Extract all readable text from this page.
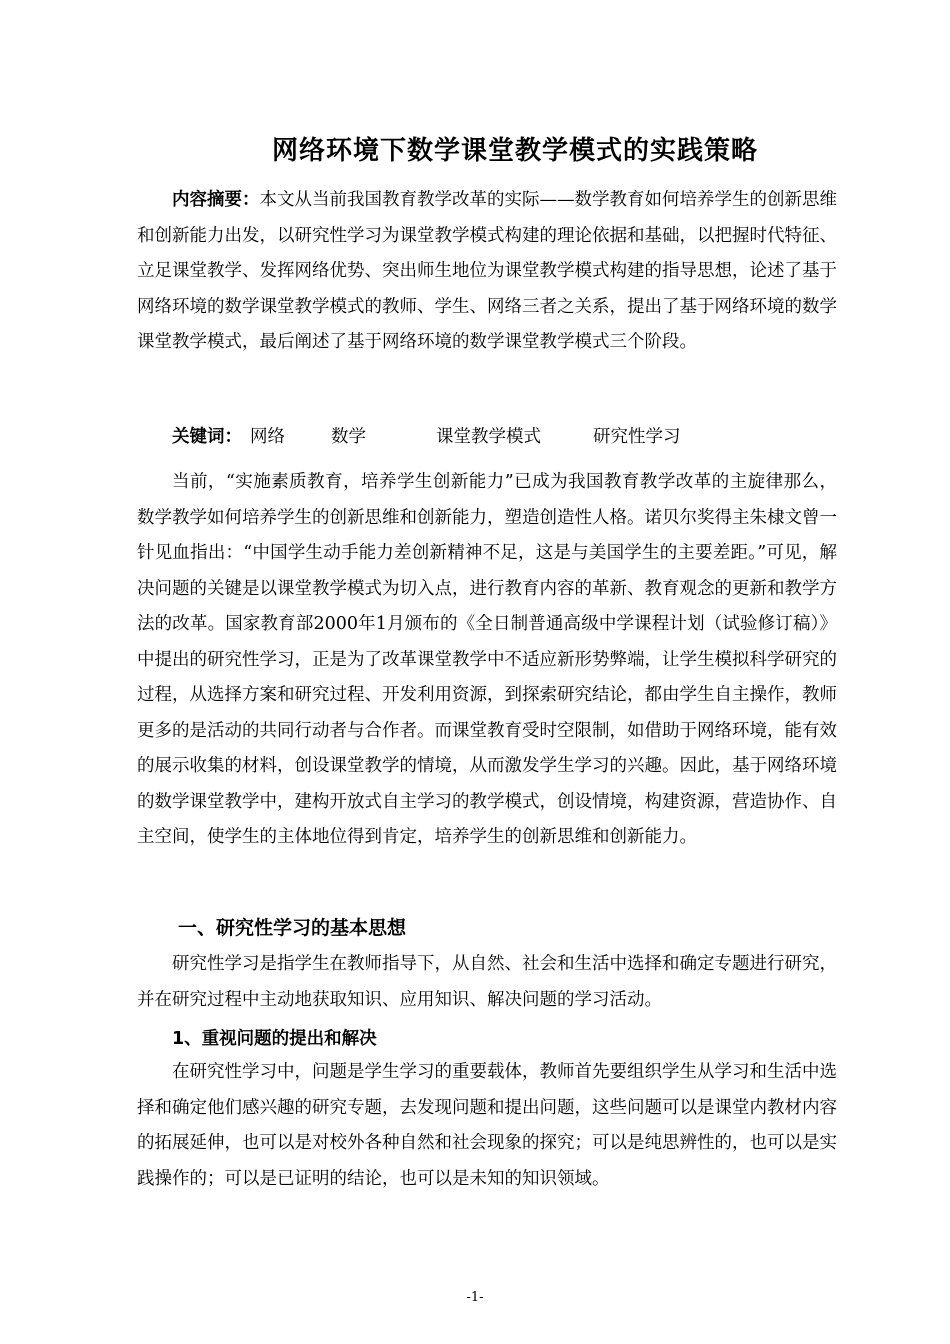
网络环境下数学课堂教学模式的实践策略

内容摘要：本文从当前我国教育教学改革的实际——数学教育如何培养学生的创新思维和创新能力出发，以研究性学习为课堂教学模式构建的理论依据和基础，以把握时代特征、立足课堂教学、发挥网络优势、突出师生地位为课堂教学模式构建的指导思想，论述了基于网络环境的数学课堂教学模式的教师、学生、网络三者之关系，提出了基于网络环境的数学课堂教学模式，最后阐述了基于网络环境的数学课堂教学模式三个阶段。

关键词： 网络	数学	课堂教学模式	研究性学习

当前，“实施素质教育，培养学生创新能力”已成为我国教育教学改革的主旋律那么，数学教学如何培养学生的创新思维和创新能力，塑造创造性人格。诺贝尔奖得主朱棣文曾一针见血指出：“中国学生动手能力差创新精神不足，这是与美国学生的主要差距。”可见，解决问题的关键是以课堂教学模式为切入点，进行教育内容的革新、教育观念的更新和教学方法的改革。国家教育部2000年1月颁布的《全日制普通高级中学课程计划（试验修订稿）》中提出的研究性学习，正是为了改革课堂教学中不适应新形势弊端，让学生模拟科学研究的过程，从选择方案和研究过程、开发利用资源，到探索研究结论，都由学生自主操作，教师更多的是活动的共同行动者与合作者。而课堂教育受时空限制，如借助于网络环境，能有效的展示收集的材料，创设课堂教学的情境，从而激发学生学习的兴趣。因此，基于网络环境的数学课堂教学中，建构开放式自主学习的教学模式，创设情境，构建资源，营造协作、自主空间，使学生的主体地位得到肯定，培养学生的创新思维和创新能力。

一、研究性学习的基本思想

研究性学习是指学生在教师指导下，从自然、社会和生活中选择和确定专题进行研究，并在研究过程中主动地获取知识、应用知识、解决问题的学习活动。

1、重视问题的提出和解决

在研究性学习中，问题是学生学习的重要载体，教师首先要组织学生从学习和生活中选择和确定他们感兴趣的研究专题，去发现问题和提出问题，这些问题可以是课堂内教材内容的拓展延伸，也可以是对校外各种自然和社会现象的探究；可以是纯思辨性的，也可以是实践操作的；可以是已证明的结论，也可以是未知的知识领域。

-1-
